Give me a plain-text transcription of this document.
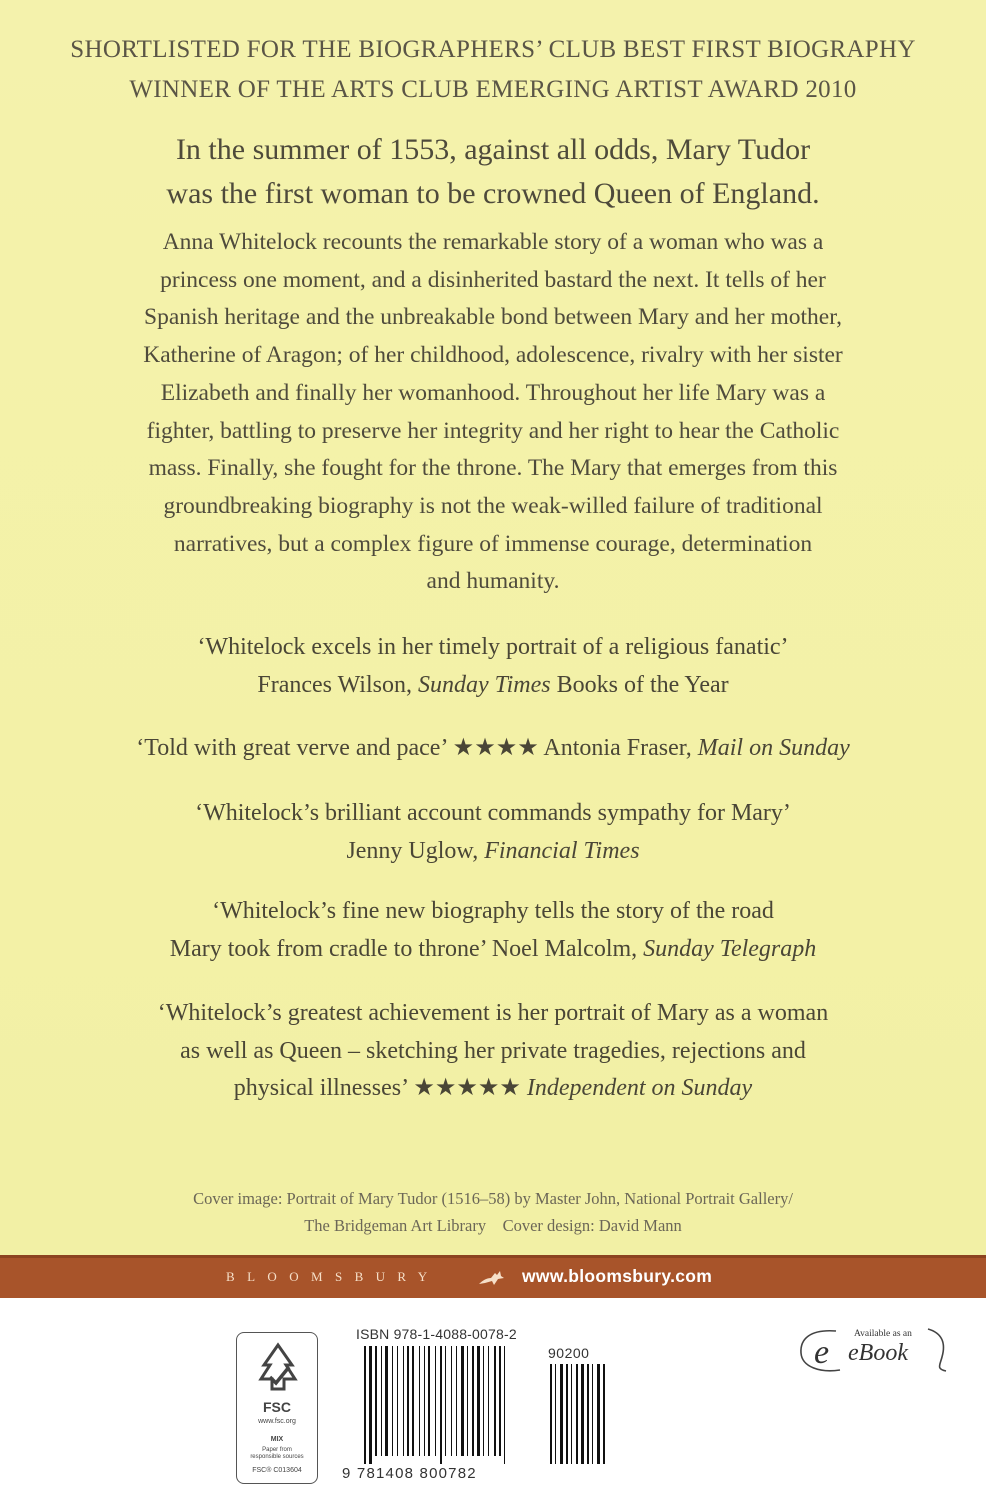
SHORTLISTED FOR THE BIOGRAPHERS’ CLUB BEST FIRST BIOGRAPHY
WINNER OF THE ARTS CLUB EMERGING ARTIST AWARD 2010
In the summer of 1553, against all odds, Mary Tudor
was the first woman to be crowned Queen of England.
Anna Whitelock recounts the remarkable story of a woman who was a
princess one moment, and a disinherited bastard the next. It tells of her
Spanish heritage and the unbreakable bond between Mary and her mother,
Katherine of Aragon; of her childhood, adolescence, rivalry with her sister
Elizabeth and finally her womanhood. Throughout her life Mary was a
fighter, battling to preserve her integrity and her right to hear the Catholic
mass. Finally, she fought for the throne. The Mary that emerges from this
groundbreaking biography is not the weak-willed failure of traditional
narratives, but a complex figure of immense courage, determination
and humanity.
‘Whitelock excels in her timely portrait of a religious fanatic’
Frances Wilson, Sunday Times Books of the Year
‘Told with great verve and pace’ ★★★★ Antonia Fraser, Mail on Sunday
‘Whitelock’s brilliant account commands sympathy for Mary’
Jenny Uglow, Financial Times
‘Whitelock’s fine new biography tells the story of the road
Mary took from cradle to throne’ Noel Malcolm, Sunday Telegraph
‘Whitelock’s greatest achievement is her portrait of Mary as a woman
as well as Queen – sketching her private tragedies, rejections and
physical illnesses’ ★★★★★ Independent on Sunday
Cover image: Portrait of Mary Tudor (1516–58) by Master John, National Portrait Gallery/
The Bridgeman Art Library    Cover design: David Mann
BLOOMSBURY	www.bloomsbury.com
FSC
www.fsc.org
MIX
Paper from responsible sources
FSC® C013604
ISBN 978-1-4088-0078-2
90200
9 781408 800782
e	Available as an
eBook
